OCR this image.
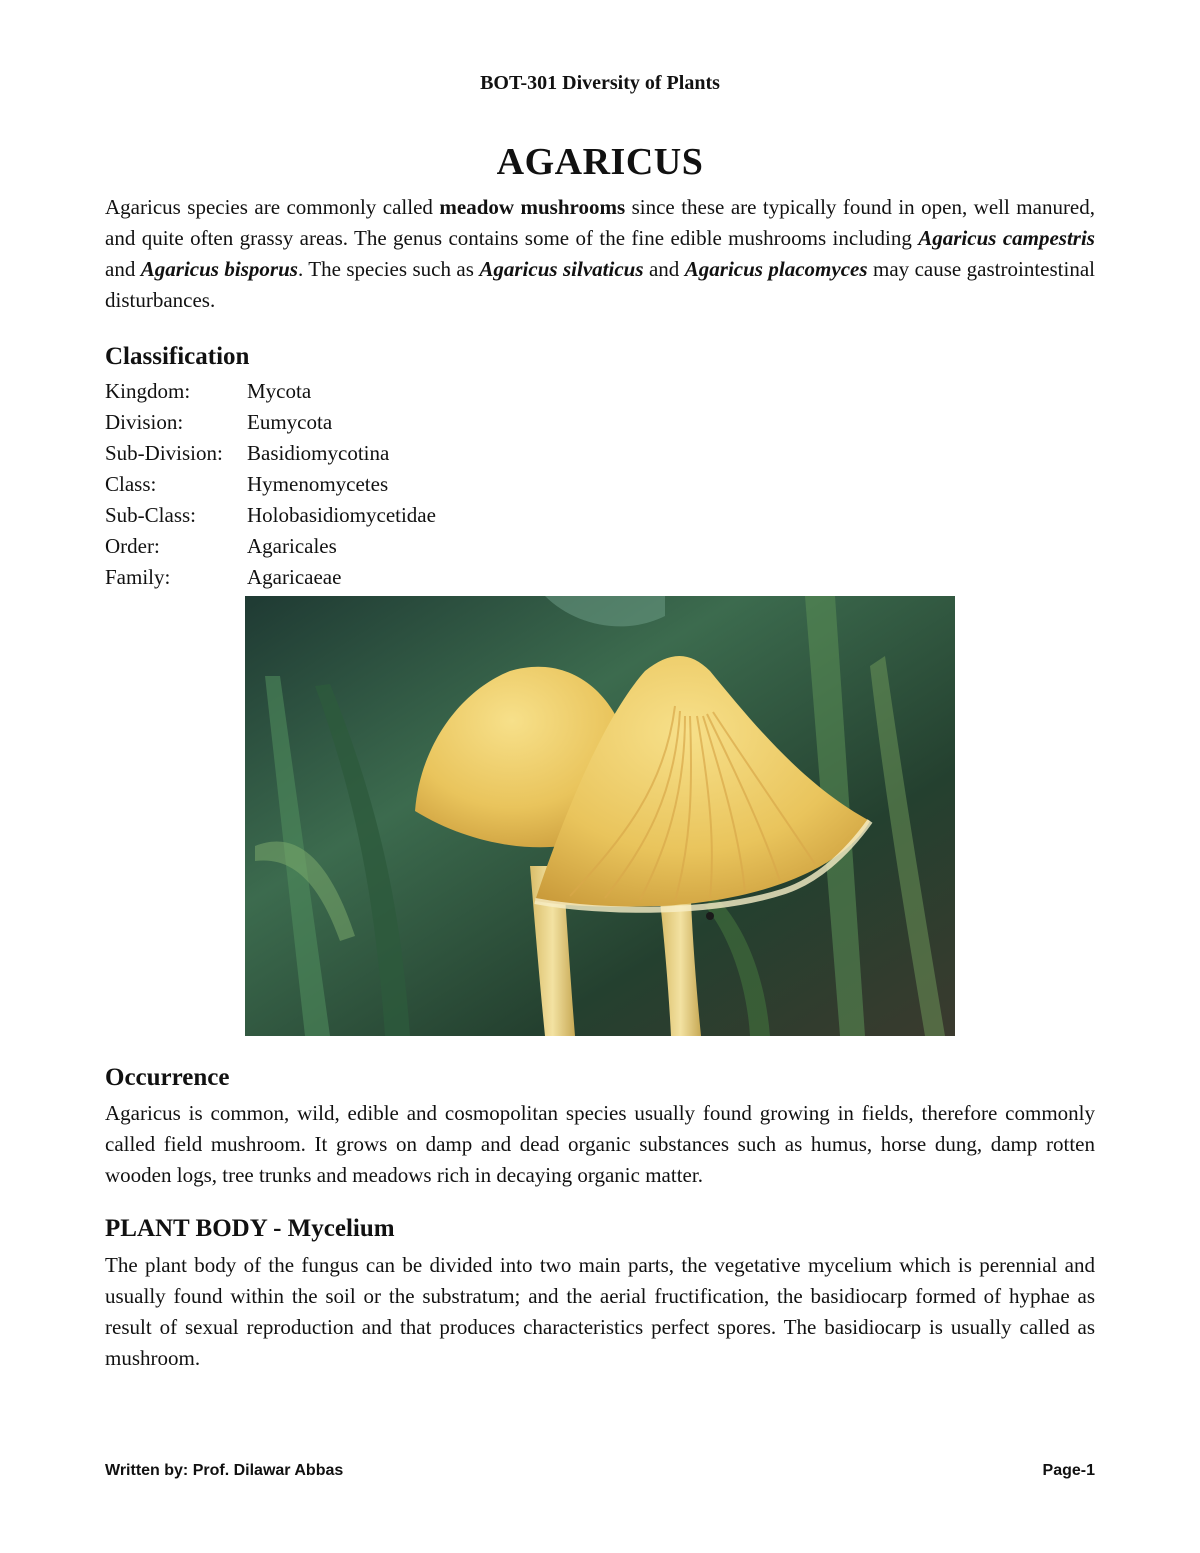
BOT-301 Diversity of Plants
AGARICUS

Agaricus species are commonly called meadow mushrooms since these are typically found in open, well manured, and quite often grassy areas. The genus contains some of the fine edible mushrooms including Agaricus campestris and Agaricus bisporus. The species such as Agaricus silvaticus and Agaricus placomyces may cause gastrointestinal disturbances.

Classification
Kingdom:	Mycota
Division:	Eumycota
Sub-Division: Basidiomycotina
Class:	Hymenomycetes
Sub-Class: Holobasidiomycetidae
Order:	Agaricales
Family:	Agaricaeae
Occurrence

Agaricus is common, wild, edible and cosmopolitan species usually found growing in fields, therefore commonly called field mushroom. It grows on damp and dead organic substances such as humus, horse dung, damp rotten wooden logs, tree trunks and meadows rich in decaying organic matter.

PLANT BODY - Mycelium

The plant body of the fungus can be divided into two main parts, the vegetative mycelium which is perennial and usually found within the soil or the substratum; and the aerial fructification, the basidiocarp formed of hyphae as result of sexual reproduction and that produces characteristics perfect spores. The basidiocarp is usually called as mushroom.

Written by: Prof. Dilawar Abbas	Page-1
